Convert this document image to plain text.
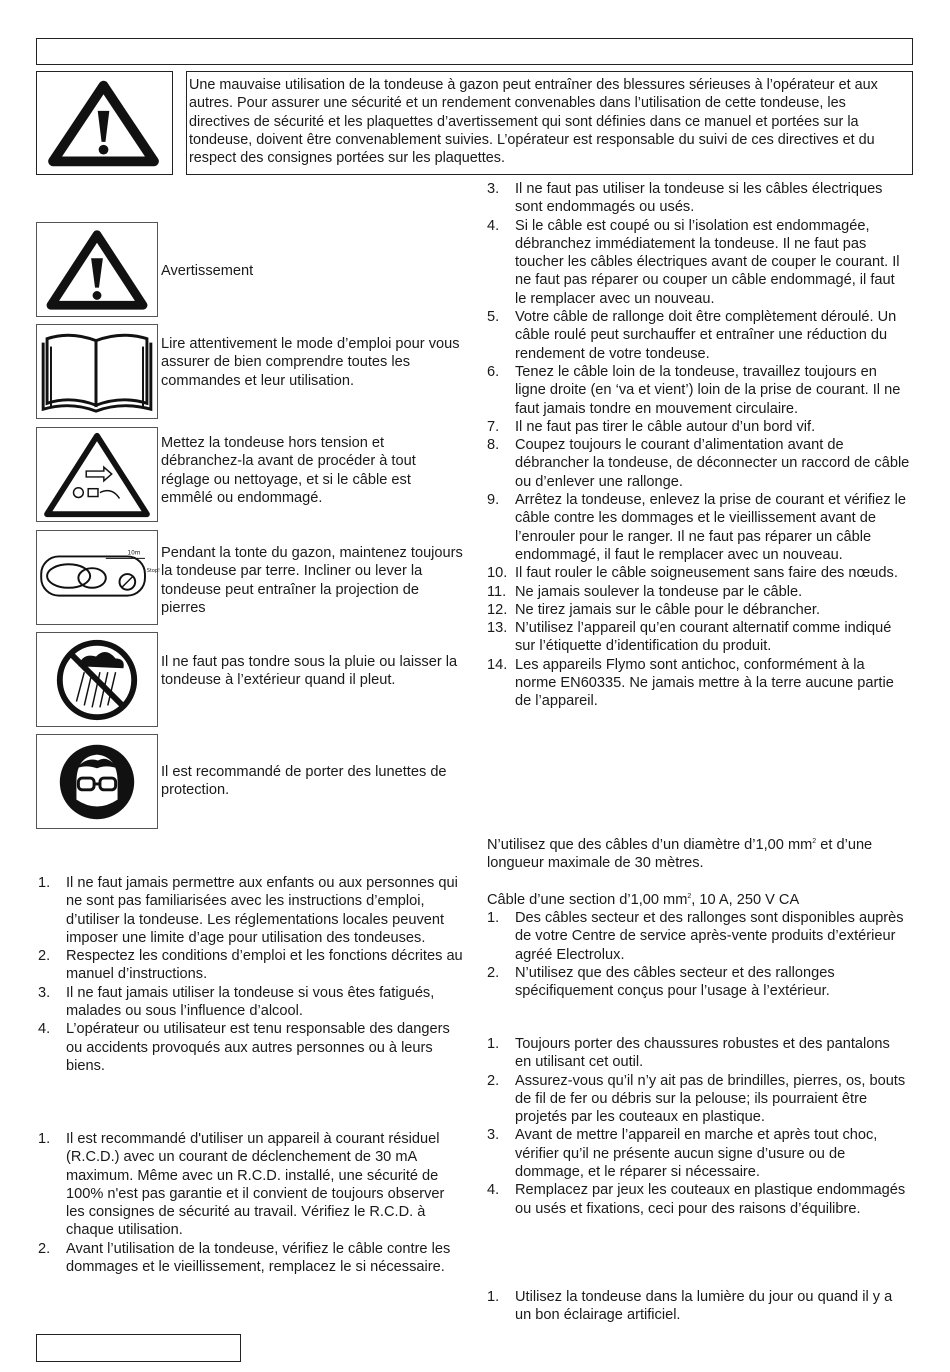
Une mauvaise utilisation de la tondeuse à gazon peut entraîner des blessures sérieuses à l’opérateur et aux autres. Pour assurer une sécurité et un rendement convenables dans l’utilisation de cette tondeuse, les directives de sécurité et les plaquettes d’avertissement qui sont définies dans ce manuel et portées sur la tondeuse, doivent être convenablement suivies. L’opérateur est responsable du suivi de ces directives et du respect des consignes portées sur les plaquettes.
Avertissement
Lire attentivement le mode d’emploi pour vous assurer de bien comprendre toutes les commandes et leur utilisation.
Mettez la tondeuse hors tension et débranchez-la avant de procéder à tout réglage ou nettoyage, et si le câble est emmêlé ou endommagé.
10m
Stop!
Pendant la tonte du gazon, maintenez toujours la tondeuse par terre. Incliner ou lever la tondeuse peut entraîner la projection de pierres
Il ne faut pas tondre sous la pluie ou laisser la tondeuse à l’extérieur quand il pleut.
Il est recommandé de porter des lunettes de protection.
1. Il ne faut jamais permettre aux enfants ou aux personnes qui ne sont pas familiarisées avec les instructions d’emploi, d’utiliser la tondeuse. Les réglementations locales peuvent imposer une limite d’age pour utilisation des tondeuses.
2. Respectez les conditions d’emploi et les fonctions décrites au manuel d’instructions.
3. Il ne faut jamais utiliser la tondeuse si vous êtes fatigués, malades ou sous l’influence d’alcool.
4. L’opérateur ou utilisateur est tenu responsable des dangers ou accidents provoqués aux autres personnes ou à leurs biens.
1. Il est recommandé d'utiliser un appareil à courant résiduel (R.C.D.) avec un courant de déclenchement de 30 mA maximum. Même avec un R.C.D. installé, une sécurité de 100% n'est pas garantie et il convient de toujours observer les consignes de sécurité au travail. Vérifiez le R.C.D. à chaque utilisation.
2. Avant l’utilisation de la tondeuse, vérifiez le câble contre les dommages et le vieillissement, remplacez le si nécessaire.
3. Il ne faut pas utiliser la tondeuse si les câbles électriques sont endommagés ou usés.
4. Si le câble est coupé ou si l’isolation est endommagée, débranchez immédiatement la tondeuse. Il ne faut pas toucher les câbles électriques avant de couper le courant. Il ne faut pas réparer ou couper un câble endommagé, il faut le remplacer avec un nouveau.
5. Votre câble de rallonge doit être complètement déroulé. Un câble roulé peut surchauffer et entraîner une réduction du rendement de votre tondeuse.
6. Tenez le câble loin de la tondeuse, travaillez toujours en ligne droite (en ‘va et vient’) loin de la prise de courant. Il ne faut jamais tondre en mouvement circulaire.
7. Il ne faut pas tirer le câble autour d’un bord vif.
8. Coupez toujours le courant d’alimentation avant de débrancher la tondeuse, de déconnecter un raccord de câble ou d’enlever une rallonge.
9. Arrêtez la tondeuse, enlevez la prise de courant et vérifiez le câble contre les dommages et le vieillissement avant de l’enrouler pour le ranger. Il ne faut pas réparer un câble endommagé, il faut le remplacer avec un nouveau.
10. Il faut rouler le câble soigneusement sans faire des nœuds.
11. Ne jamais soulever la tondeuse par le câble.
12. Ne tirez jamais sur le câble pour le débrancher.
13. N’utilisez l’appareil qu’en courant alternatif comme indiqué sur l’étiquette d’identification du produit.
14. Les appareils Flymo sont antichoc, conformément à la norme EN60335. Ne jamais mettre à la terre aucune partie de l’appareil.
N’utilisez que des câbles d’un diamètre d’1,00 $mm^2$ et d’une longueur maximale de 30 mètres.
Câble d’une section d’1,00 $mm^2$, 10 A, 250 V CA
1. Des câbles secteur et des rallonges sont disponibles auprès de votre Centre de service après-vente produits d’extérieur agréé Electrolux.
2. N’utilisez que des câbles secteur et des rallonges spécifiquement conçus pour l’usage à l’extérieur.
1. Toujours porter des chaussures robustes et des pantalons en utilisant cet outil.
2. Assurez-vous qu’il n’y ait pas de brindilles, pierres, os, bouts de fil de fer ou débris sur la pelouse; ils pourraient être projetés par les couteaux en plastique.
3. Avant de mettre l’appareil en marche et après tout choc, vérifier qu’il ne présente aucun signe d’usure ou de dommage, et le réparer si nécessaire.
4. Remplacez par jeux les couteaux en plastique endommagés ou usés et fixations, ceci pour des raisons d’équilibre.
1. Utilisez la tondeuse dans la lumière du jour ou quand il y a un bon éclairage artificiel.
